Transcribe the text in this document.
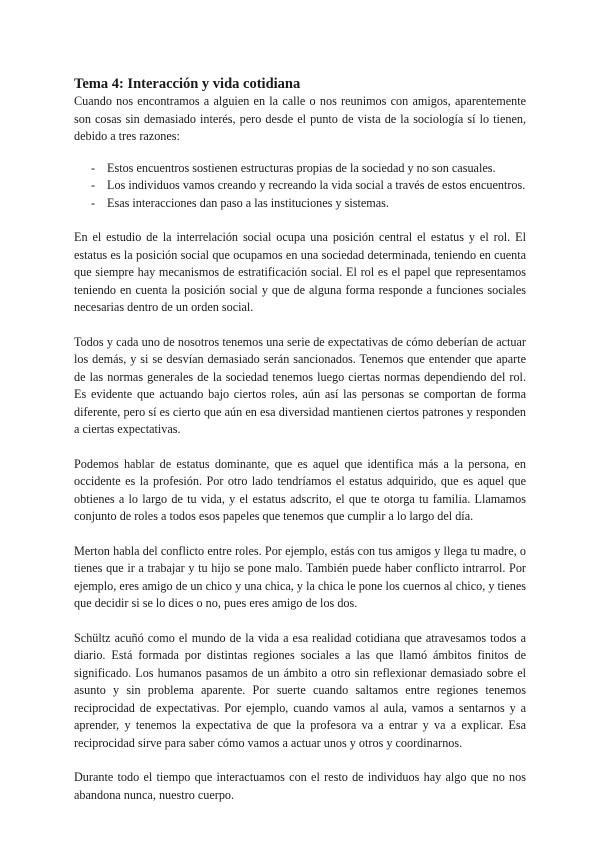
Tema 4: Interacción y vida cotidiana

Cuando nos encontramos a alguien en la calle o nos reunimos con amigos, aparentemente son cosas sin demasiado interés, pero desde el punto de vista de la sociología sí lo tienen, debido a tres razones:

- Estos encuentros sostienen estructuras propias de la sociedad y no son casuales.
- Los individuos vamos creando y recreando la vida social a través de estos encuentros.
- Esas interacciones dan paso a las instituciones y sistemas.

En el estudio de la interrelación social ocupa una posición central el estatus y el rol. El estatus es la posición social que ocupamos en una sociedad determinada, teniendo en cuenta que siempre hay mecanismos de estratificación social. El rol es el papel que representamos teniendo en cuenta la posición social y que de alguna forma responde a funciones sociales necesarias dentro de un orden social.

Todos y cada uno de nosotros tenemos una serie de expectativas de cómo deberían de actuar los demás, y si se desvían demasiado serán sancionados. Tenemos que entender que aparte de las normas generales de la sociedad tenemos luego ciertas normas dependiendo del rol. Es evidente que actuando bajo ciertos roles, aún así las personas se comportan de forma diferente, pero sí es cierto que aún en esa diversidad mantienen ciertos patrones y responden a ciertas expectativas.

Podemos hablar de estatus dominante, que es aquel que identifica más a la persona, en occidente es la profesión. Por otro lado tendríamos el estatus adquirido, que es aquel que obtienes a lo largo de tu vida, y el estatus adscrito, el que te otorga tu familia. Llamamos conjunto de roles a todos esos papeles que tenemos que cumplir a lo largo del día.

Merton habla del conflicto entre roles. Por ejemplo, estás con tus amigos y llega tu madre, o tienes que ir a trabajar y tu hijo se pone malo. También puede haber conflicto intrarrol. Por ejemplo, eres amigo de un chico y una chica, y la chica le pone los cuernos al chico, y tienes que decidir si se lo dices o no, pues eres amigo de los dos.

Schültz acuñó como el mundo de la vida a esa realidad cotidiana que atravesamos todos a diario. Está formada por distintas regiones sociales a las que llamó ámbitos finitos de significado. Los humanos pasamos de un ámbito a otro sin reflexionar demasiado sobre el asunto y sin problema aparente. Por suerte cuando saltamos entre regiones tenemos reciprocidad de expectativas. Por ejemplo, cuando vamos al aula, vamos a sentarnos y a aprender, y tenemos la expectativa de que la profesora va a entrar y va a explicar. Esa reciprocidad sirve para saber cómo vamos a actuar unos y otros y coordinarnos.

Durante todo el tiempo que interactuamos con el resto de individuos hay algo que no nos abandona nunca, nuestro cuerpo.
